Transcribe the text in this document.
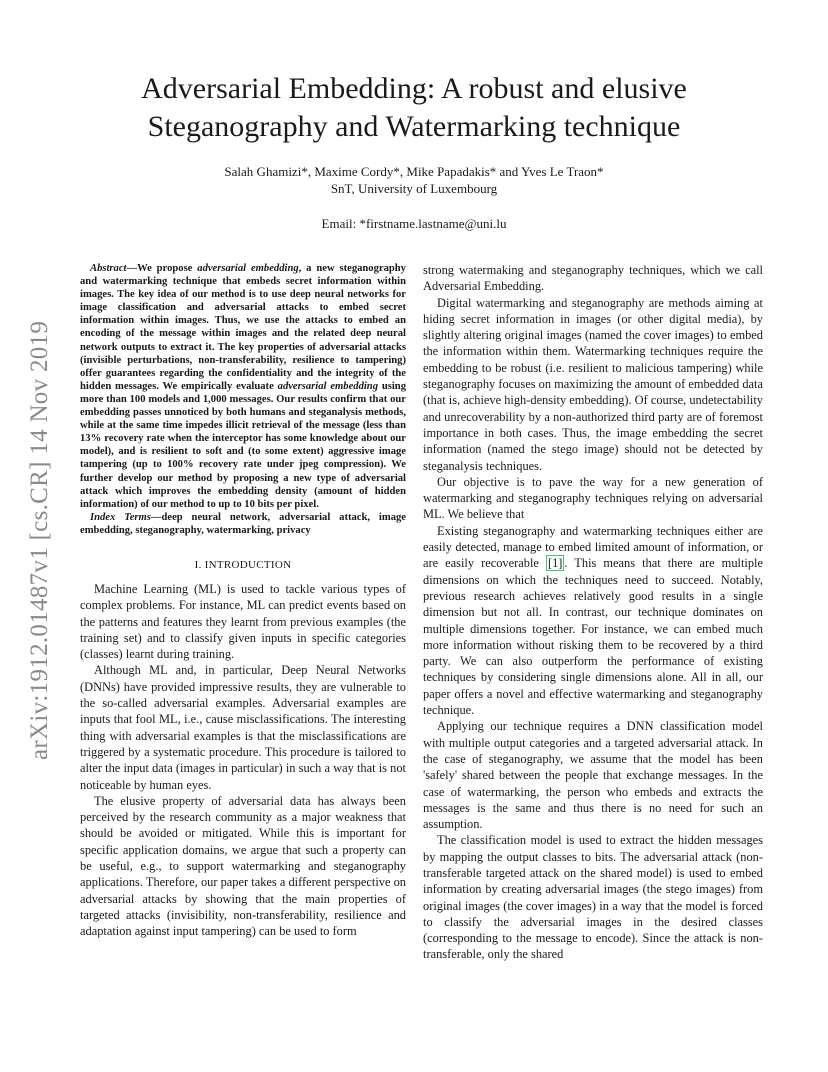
arXiv:1912.01487v1 [cs.CR] 14 Nov 2019
Adversarial Embedding: A robust and elusive
Steganography and Watermarking technique
Salah Ghamizi*, Maxime Cordy*, Mike Papadakis* and Yves Le Traon*
SnT, University of Luxembourg
Email: *firstname.lastname@uni.lu

Abstract—We propose adversarial embedding, a new steganography and watermarking technique that embeds secret information within images. The key idea of our method is to use deep neural networks for image classification and adversarial attacks to embed secret information within images. Thus, we use the attacks to embed an encoding of the message within images and the related deep neural network outputs to extract it. The key properties of adversarial attacks (invisible perturbations, non-transferability, resilience to tampering) offer guarantees regarding the confidentiality and the integrity of the hidden messages. We empirically evaluate adversarial embedding using more than 100 models and 1,000 messages. Our results confirm that our embedding passes unnoticed by both humans and steganalysis methods, while at the same time impedes illicit retrieval of the message (less than 13% recovery rate when the interceptor has some knowledge about our model), and is resilient to soft and (to some extent) aggressive image tampering (up to 100% recovery rate under jpeg compression). We further develop our method by proposing a new type of adversarial attack which improves the embedding density (amount of hidden information) of our method to up to 10 bits per pixel.

Index Terms—deep neural network, adversarial attack, image embedding, steganography, watermarking, privacy

I. INTRODUCTION

Machine Learning (ML) is used to tackle various types of complex problems. For instance, ML can predict events based on the patterns and features they learnt from previous examples (the training set) and to classify given inputs in specific categories (classes) learnt during training.

Although ML and, in particular, Deep Neural Networks (DNNs) have provided impressive results, they are vulnerable to the so-called adversarial examples. Adversarial examples are inputs that fool ML, i.e., cause misclassifications. The interesting thing with adversarial examples is that the misclassifications are triggered by a systematic procedure. This procedure is tailored to alter the input data (images in particular) in such a way that is not noticeable by human eyes.

The elusive property of adversarial data has always been perceived by the research community as a major weakness that should be avoided or mitigated. While this is important for specific application domains, we argue that such a property can be useful, e.g., to support watermarking and steganography applications. Therefore, our paper takes a different perspective on adversarial attacks by showing that the main properties of targeted attacks (invisibility, non-transferability, resilience and adaptation against input tampering) can be used to form

strong watermaking and steganography techniques, which we call Adversarial Embedding.

Digital watermarking and steganography are methods aiming at hiding secret information in images (or other digital media), by slightly altering original images (named the cover images) to embed the information within them. Watermarking techniques require the embedding to be robust (i.e. resilient to malicious tampering) while steganography focuses on maximizing the amount of embedded data (that is, achieve high-density embedding). Of course, undetectability and unrecoverability by a non-authorized third party are of foremost importance in both cases. Thus, the image embedding the secret information (named the stego image) should not be detected by steganalysis techniques.

Our objective is to pave the way for a new generation of watermarking and steganography techniques relying on adversarial ML. We believe that

Existing steganography and watermarking techniques either are easily detected, manage to embed limited amount of information, or are easily recoverable [1] . This means that there are multiple dimensions on which the techniques need to succeed. Notably, previous research achieves relatively good results in a single dimension but not all. In contrast, our technique dominates on multiple dimensions together. For instance, we can embed much more information without risking them to be recovered by a third party. We can also outperform the performance of existing techniques by considering single dimensions alone. All in all, our paper offers a novel and effective watermarking and steganography technique.

Applying our technique requires a DNN classification model with multiple output categories and a targeted adversarial attack. In the case of steganography, we assume that the model has been 'safely' shared between the people that exchange messages. In the case of watermarking, the person who embeds and extracts the messages is the same and thus there is no need for such an assumption.

The classification model is used to extract the hidden messages by mapping the output classes to bits. The adversarial attack (non-transferable targeted attack on the shared model) is used to embed information by creating adversarial images (the stego images) from original images (the cover images) in a way that the model is forced to classify the adversarial images in the desired classes (corresponding to the message to encode). Since the attack is non-transferable, only the shared
